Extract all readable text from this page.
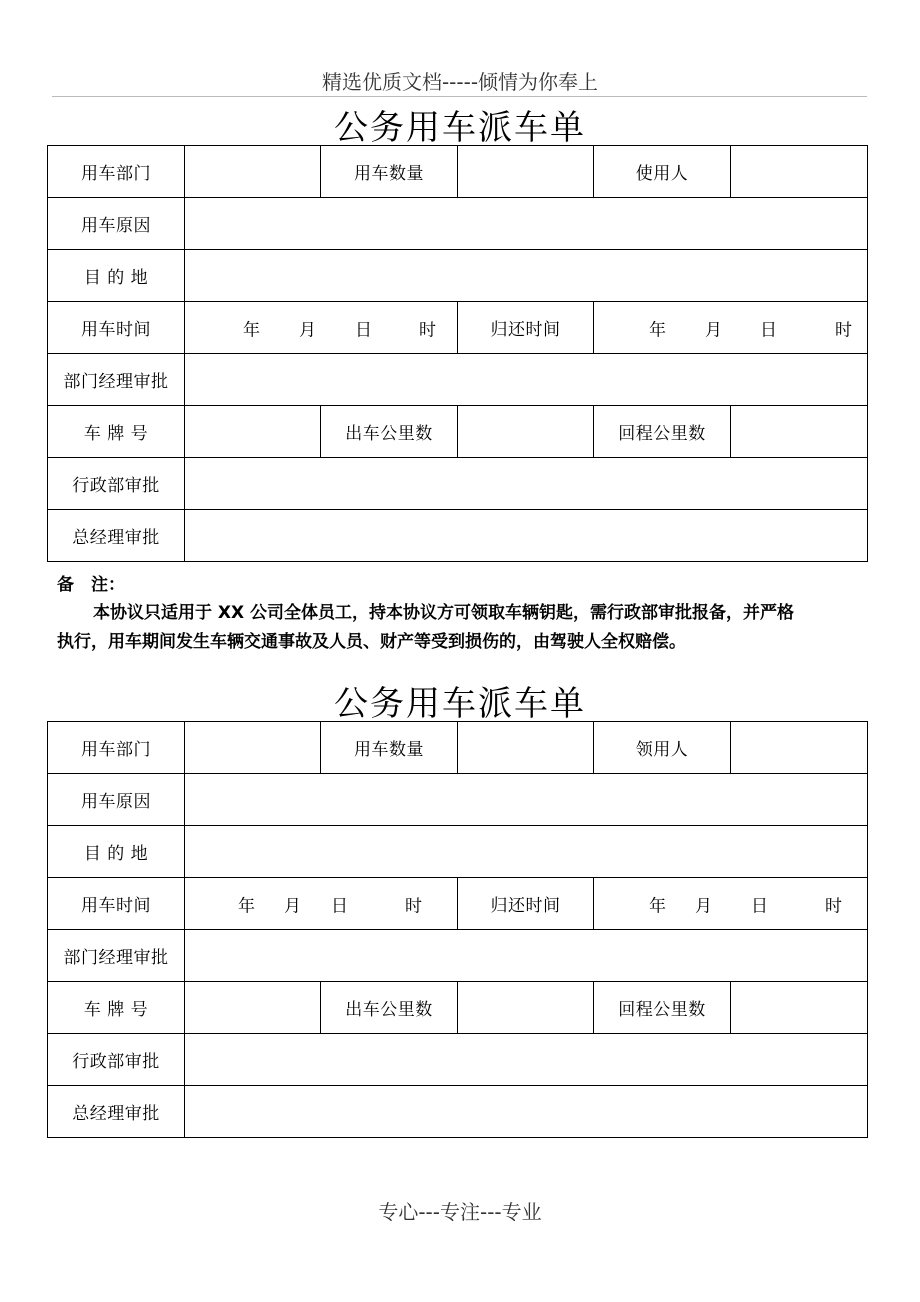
精选优质文档-----倾情为你奉上
公务用车派车单
用车部门		用车数量		使用人	
用车原因					
目 的 地					
用车时间	年 月 日 时		归还时间	年 月 日 时	

部门经理审批					
车 牌 号		出车公里数		回程公里数	
行政部审批					
总经理审批					
备　注：
本协议只适用于 XX 公司全体员工，持本协议方可领取车辆钥匙，需行政部审批报备，并严格
执行，用车期间发生车辆交通事故及人员、财产等受到损伤的，由驾驶人全权赔偿。
公务用车派车单
用车部门		用车数量		领用人	
用车原因					
目 的 地					
用车时间	年 月 日 时		归还时间	年 月 日 时	

部门经理审批					
车 牌 号		出车公里数		回程公里数	
行政部审批					
总经理审批					
专心---专注---专业
